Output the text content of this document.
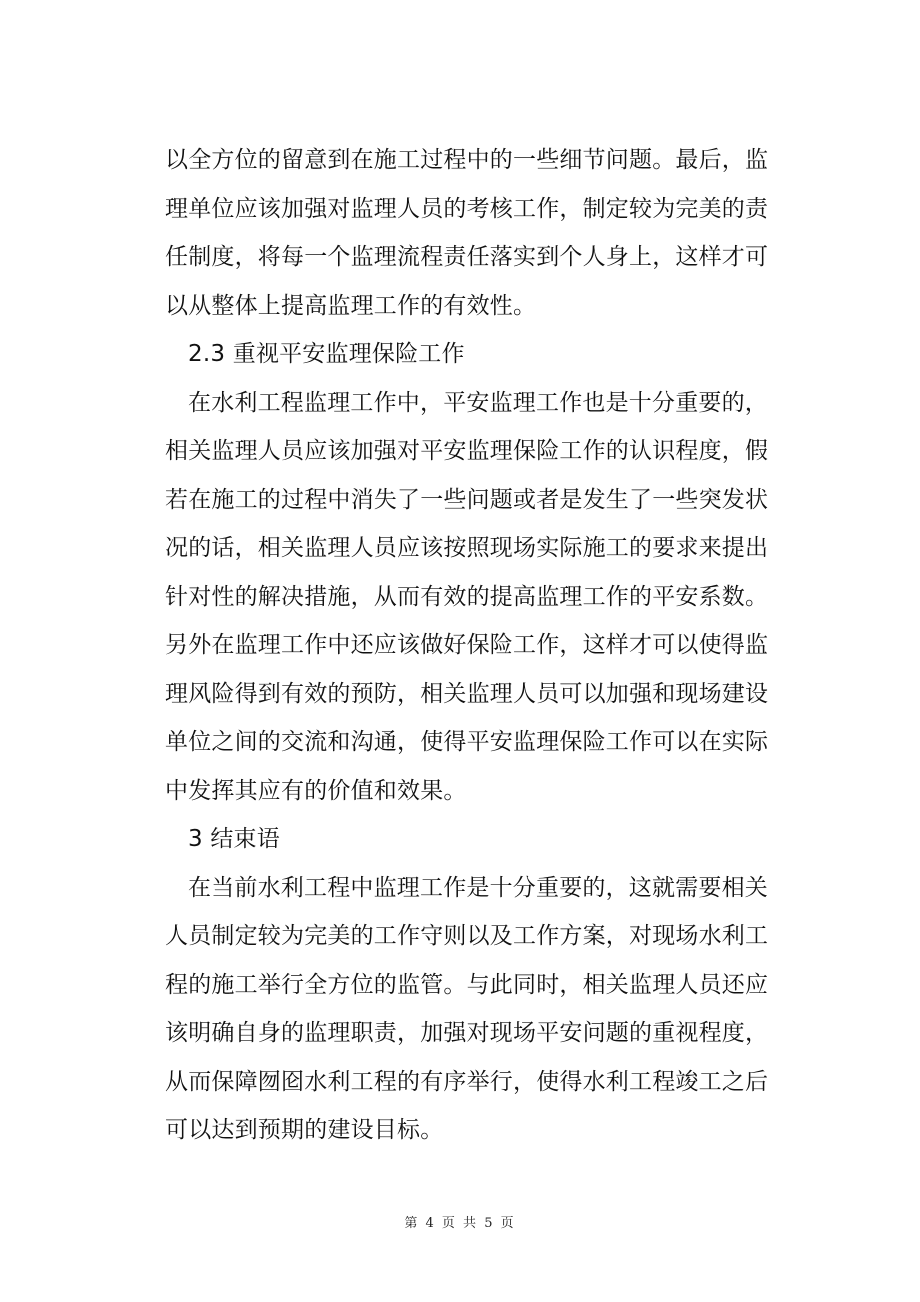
以全方位的留意到在施工过程中的一些细节问题。最后，监
理单位应该加强对监理人员的考核工作，制定较为完美的责
任制度，将每一个监理流程责任落实到个人身上，这样才可
以从整体上提高监理工作的有效性。
2.3 重视平安监理保险工作
在水利工程监理工作中，平安监理工作也是十分重要的，
相关监理人员应该加强对平安监理保险工作的认识程度，假
若在施工的过程中消失了一些问题或者是发生了一些突发状
况的话，相关监理人员应该按照现场实际施工的要求来提出
针对性的解决措施，从而有效的提高监理工作的平安系数。
另外在监理工作中还应该做好保险工作，这样才可以使得监
理风险得到有效的预防，相关监理人员可以加强和现场建设
单位之间的交流和沟通，使得平安监理保险工作可以在实际
中发挥其应有的价值和效果。
3 结束语
在当前水利工程中监理工作是十分重要的，这就需要相关
人员制定较为完美的工作守则以及工作方案，对现场水利工
程的施工举行全方位的监管。与此同时，相关监理人员还应
该明确自身的监理职责，加强对现场平安问题的重视程度，
从而保障囫囵水利工程的有序举行，使得水利工程竣工之后
可以达到预期的建设目标。
第 4 页 共 5 页
